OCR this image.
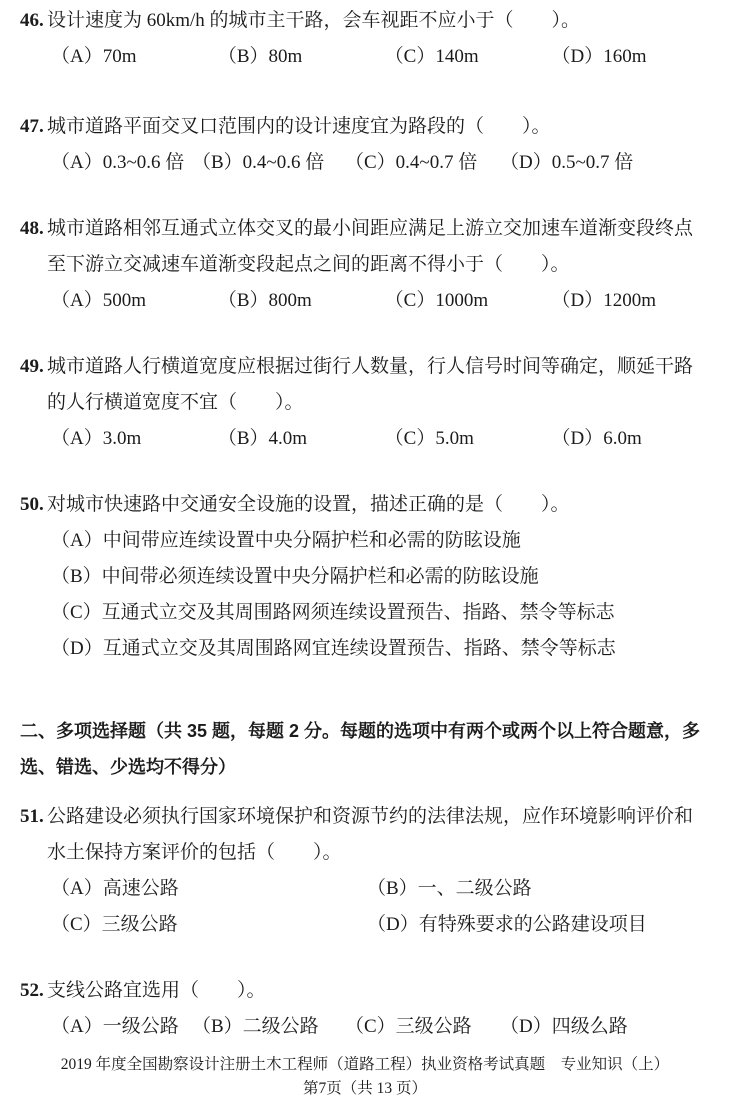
46. 设计速度为 60km/h 的城市主干路，会车视距不应小于（　　）。

（A）70m	（B）80m	（C）140m	（D）160m

47. 城市道路平面交叉口范围内的设计速度宜为路段的（　　）。

（A）0.3~0.6 倍 （B）0.4~0.6 倍	（C）0.4~0.7 倍	（D）0.5~0.7 倍

48. 城市道路相邻互通式立体交叉的最小间距应满足上游立交加速车道渐变段终点至下游立交减速车道渐变段起点之间的距离不得小于（　　）。

（A）500m	（B）800m	（C）1000m	（D）1200m

49. 城市道路人行横道宽度应根据过街行人数量，行人信号时间等确定，顺延干路的人行横道宽度不宜（　　）。

（A）3.0m	（B）4.0m	（C）5.0m	（D）6.0m

50. 对城市快速路中交通安全设施的设置，描述正确的是（　　）。

（A）中间带应连续设置中央分隔护栏和必需的防眩设施
（B）中间带必须连续设置中央分隔护栏和必需的防眩设施
（C）互通式立交及其周围路网须连续设置预告、指路、禁令等标志
（D）互通式立交及其周围路网宜连续设置预告、指路、禁令等标志

二、多项选择题（共 35 题，每题 2 分。每题的选项中有两个或两个以上符合题意，多选、错选、少选均不得分）

51. 公路建设必须执行国家环境保护和资源节约的法律法规，应作环境影响评价和水土保持方案评价的包括（　　）。

（A）高速公路	（B）一、二级公路
（C）三级公路	（D）有特殊要求的公路建设项目

52. 支线公路宜选用（　　）。

（A）一级公路 （B）二级公路	（C）三级公路	（D）四级么路

2019 年度全国勘察设计注册土木工程师（道路工程）执业资格考试真题　专业知识（上）

第7页（共 13 页）
